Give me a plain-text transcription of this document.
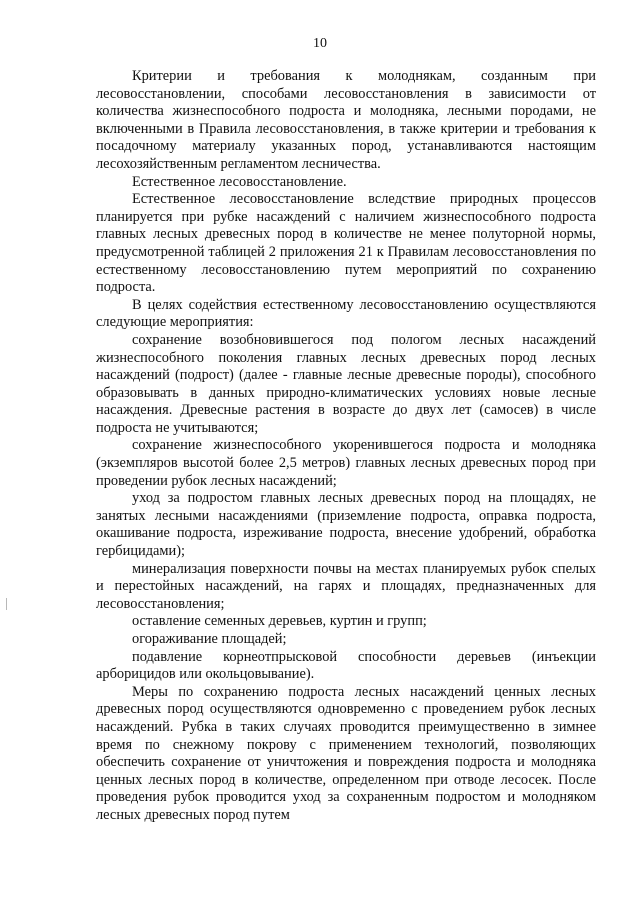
10

Критерии и требования к молоднякам, созданным при лесовосстановлении, способами лесовосстановления в зависимости от количества жизнеспособного подроста и молодняка, лесными породами, не включенными в Правила лесовосстановления, в также критерии и требования к посадочному материалу указанных пород, устанавливаются настоящим лесохозяйственным регламентом лесничества.

Естественное лесовосстановление.

Естественное лесовосстановление вследствие природных процессов планируется при рубке насаждений с наличием жизнеспособного подроста главных лесных древесных пород в количестве не менее полуторной нормы, предусмотренной таблицей 2 приложения 21 к Правилам лесовосстановления по естественному лесовосстановлению путем мероприятий по сохранению подроста.

В целях содействия естественному лесовосстановлению осуществляются следующие мероприятия:

сохранение возобновившегося под пологом лесных насаждений жизнеспособного поколения главных лесных древесных пород лесных насаждений (подрост) (далее - главные лесные древесные породы), способного образовывать в данных природно-климатических условиях новые лесные насаждения. Древесные растения в возрасте до двух лет (самосев) в числе подроста не учитываются;

сохранение жизнеспособного укоренившегося подроста и молодняка (экземпляров высотой более 2,5 метров) главных лесных древесных пород при проведении рубок лесных насаждений;

уход за подростом главных лесных древесных пород на площадях, не занятых лесными насаждениями (приземление подроста, оправка подроста, окашивание подроста, изреживание подроста, внесение удобрений, обработка гербицидами);

минерализация поверхности почвы на местах планируемых рубок спелых и перестойных насаждений, на гарях и площадях, предназначенных для лесовосстановления;

оставление семенных деревьев, куртин и групп;

огораживание площадей;

подавление корнеотпрысковой способности деревьев (инъекции арборицидов или окольцовывание).

Меры по сохранению подроста лесных насаждений ценных лесных древесных пород осуществляются одновременно с проведением рубок лесных насаждений. Рубка в таких случаях проводится преимущественно в зимнее время по снежному покрову с применением технологий, позволяющих обеспечить сохранение от уничтожения и повреждения подроста и молодняка ценных лесных пород в количестве, определенном при отводе лесосек. После проведения рубок проводится уход за сохраненным подростом и молодняком лесных древесных пород путем
